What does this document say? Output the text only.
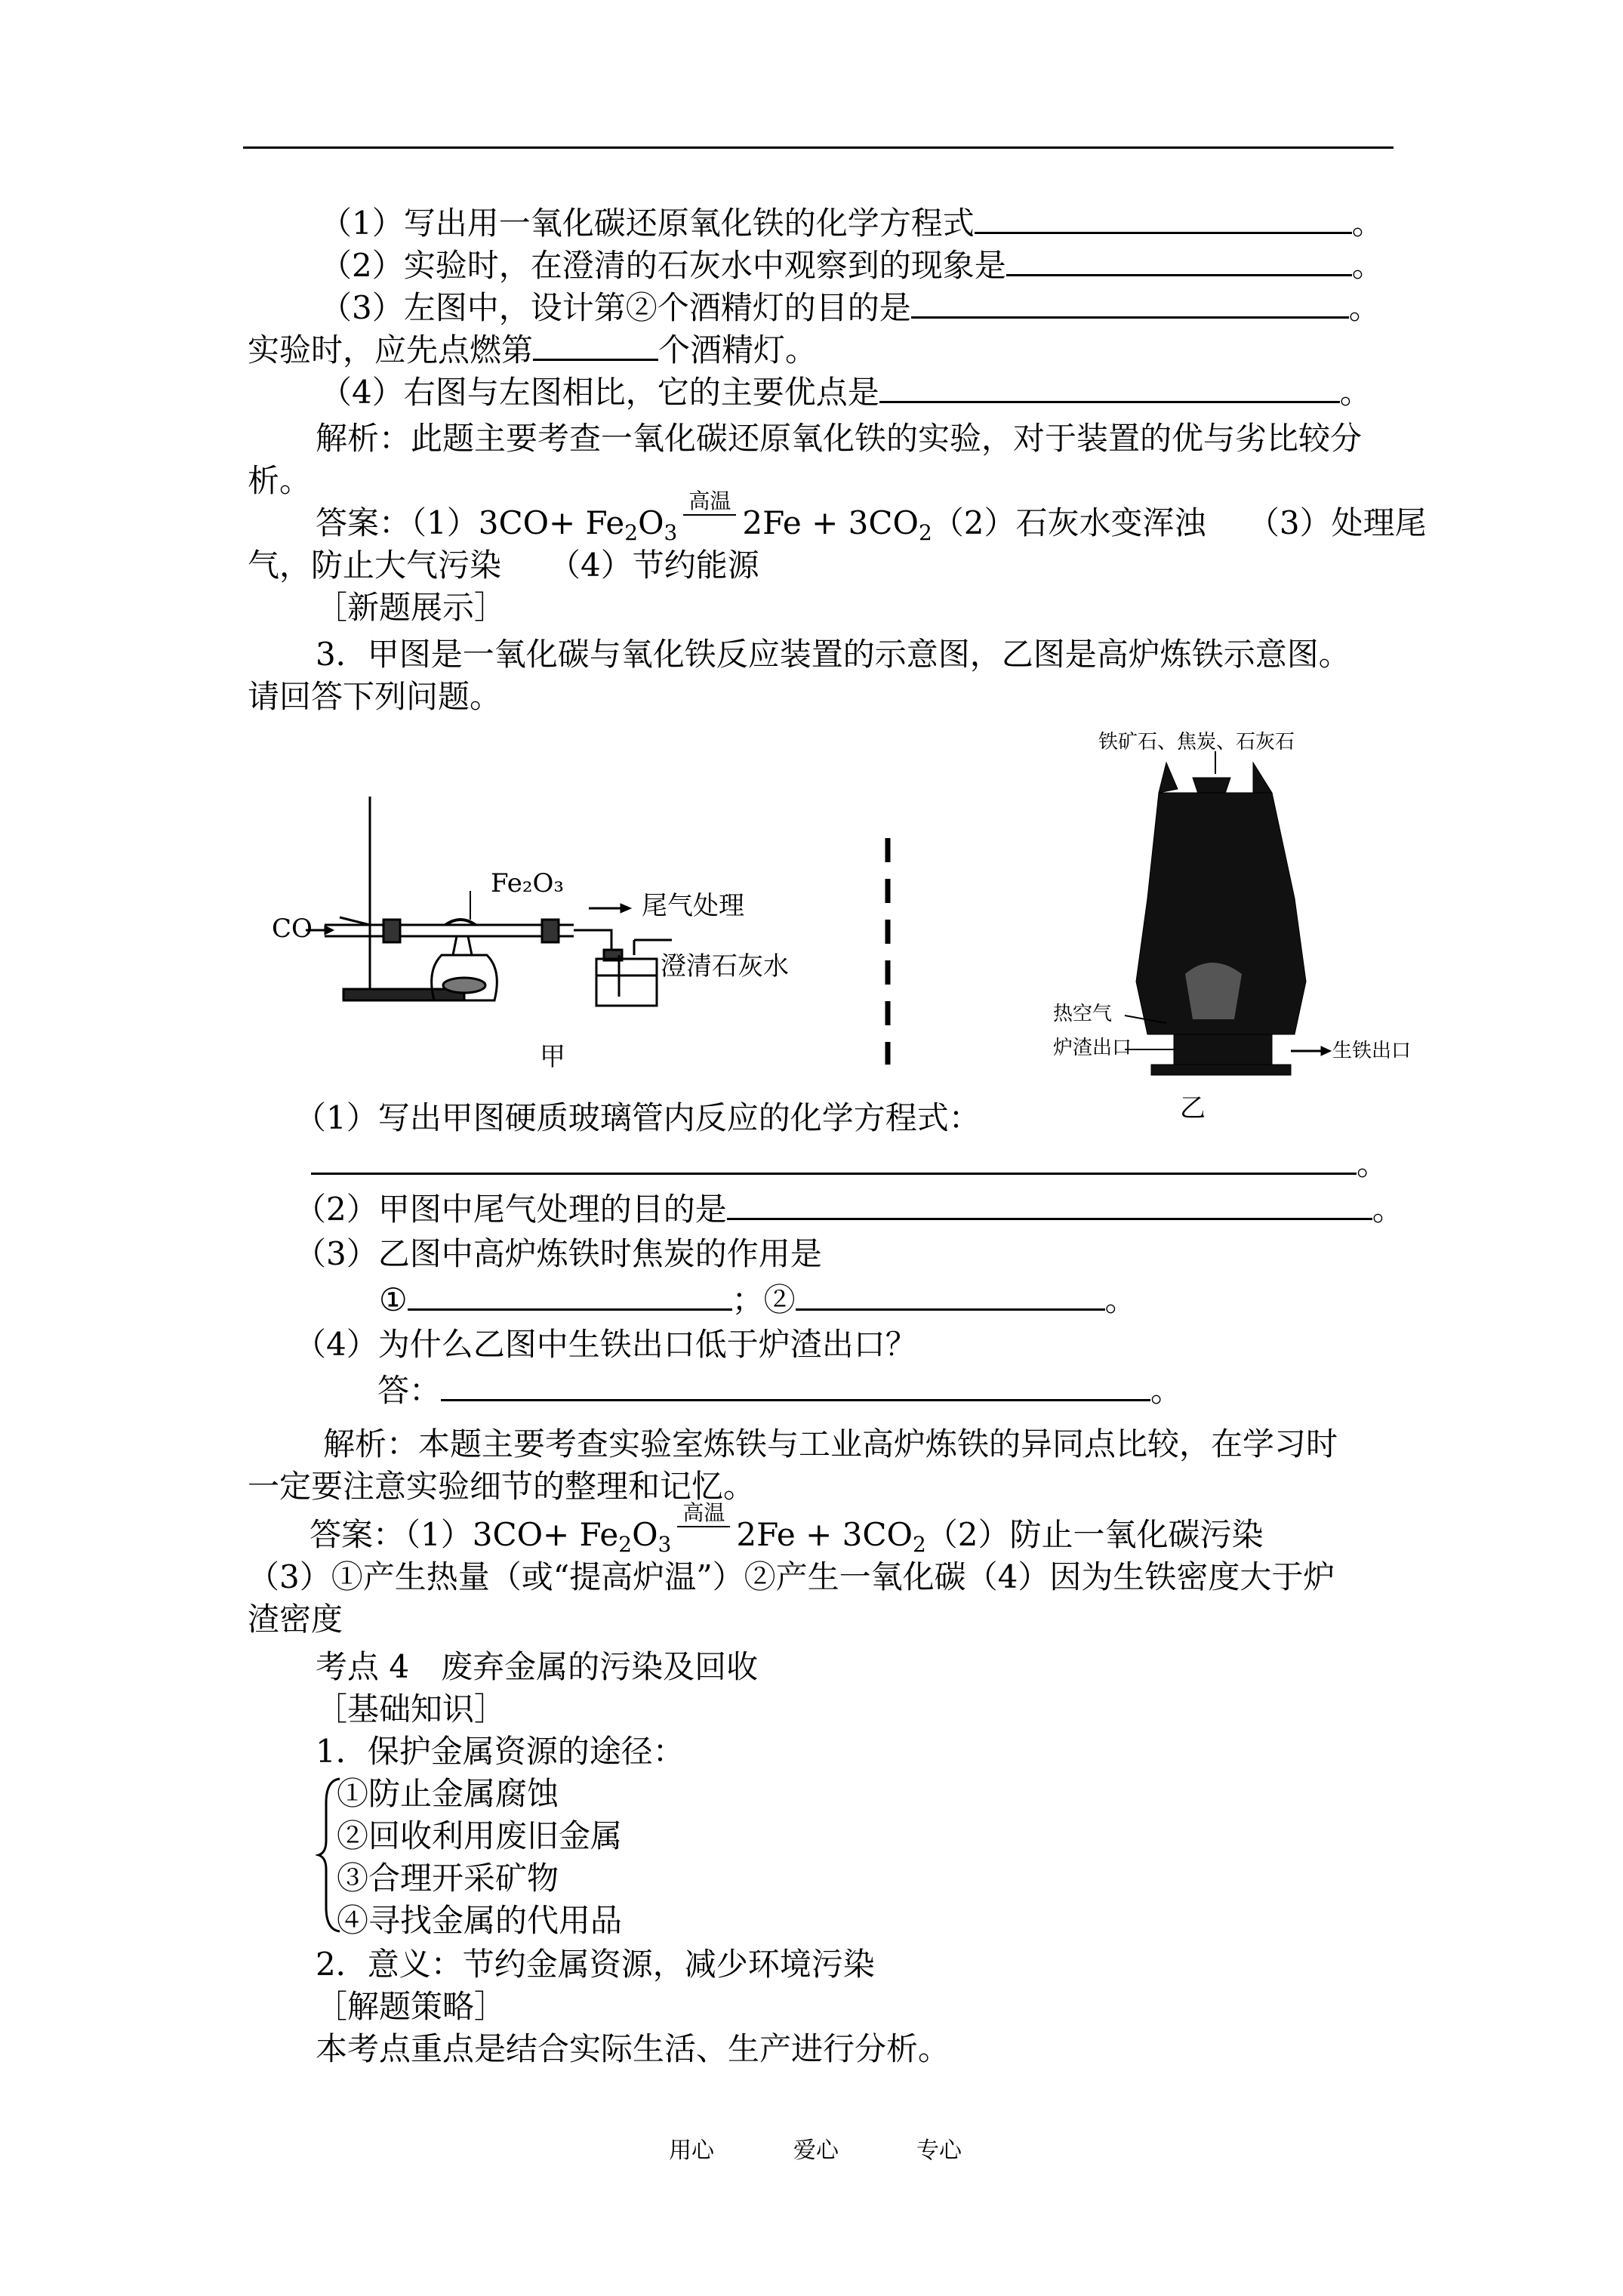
（1）写出用一氧化碳还原氧化铁的化学方程式	。
（2）实验时，在澄清的石灰水中观察到的现象是	。
（3）左图中，设计第②个酒精灯的目的是	。
实验时，应先点燃第	个酒精灯。
（4）右图与左图相比，它的主要优点是	。
解析：此题主要考查一氧化碳还原氧化铁的实验，对于装置的优与劣比较分
析。
答案：$(1)3CO+ Fe_2O_3$
高温
$2Fe + 3CO_2(2)$石灰水变浑浊　 （3）处理尾
气，防止大气污染　　（4）节约能源
［新题展示］
3．甲图是一氧化碳与氧化铁反应装置的示意图，乙图是高炉炼铁示意图。
请回答下列问题。
CO
Fe₂O₃
尾气处理
澄清石灰水
甲
铁矿石、焦炭、石灰石
热空气
炉渣出口	生铁出口
乙
（1）写出甲图硬质玻璃管内反应的化学方程式：
。
（2）甲图中尾气处理的目的是	。
（3）乙图中高炉炼铁时焦炭的作用是
①	；②	。
（4）为什么乙图中生铁出口低于炉渣出口？
答：	。
解析：本题主要考查实验室炼铁与工业高炉炼铁的异同点比较，在学习时
一定要注意实验细节的整理和记忆。
答案：$(1)3CO+ Fe_2O_3$
高温
$2Fe + 3CO_2(2)$防止一氧化碳污染
（3）①产生热量（或“提高炉温”）②产生一氧化碳（4）因为生铁密度大于炉
渣密度
考点 4　废弃金属的污染及回收
［基础知识］
1．保护金属资源的途径：
①防止金属腐蚀
②回收利用废旧金属
③合理开采矿物
④寻找金属的代用品
2．意义：节约金属资源，减少环境污染
［解题策略］
本考点重点是结合实际生活、生产进行分析。
用心	爱心	专心
